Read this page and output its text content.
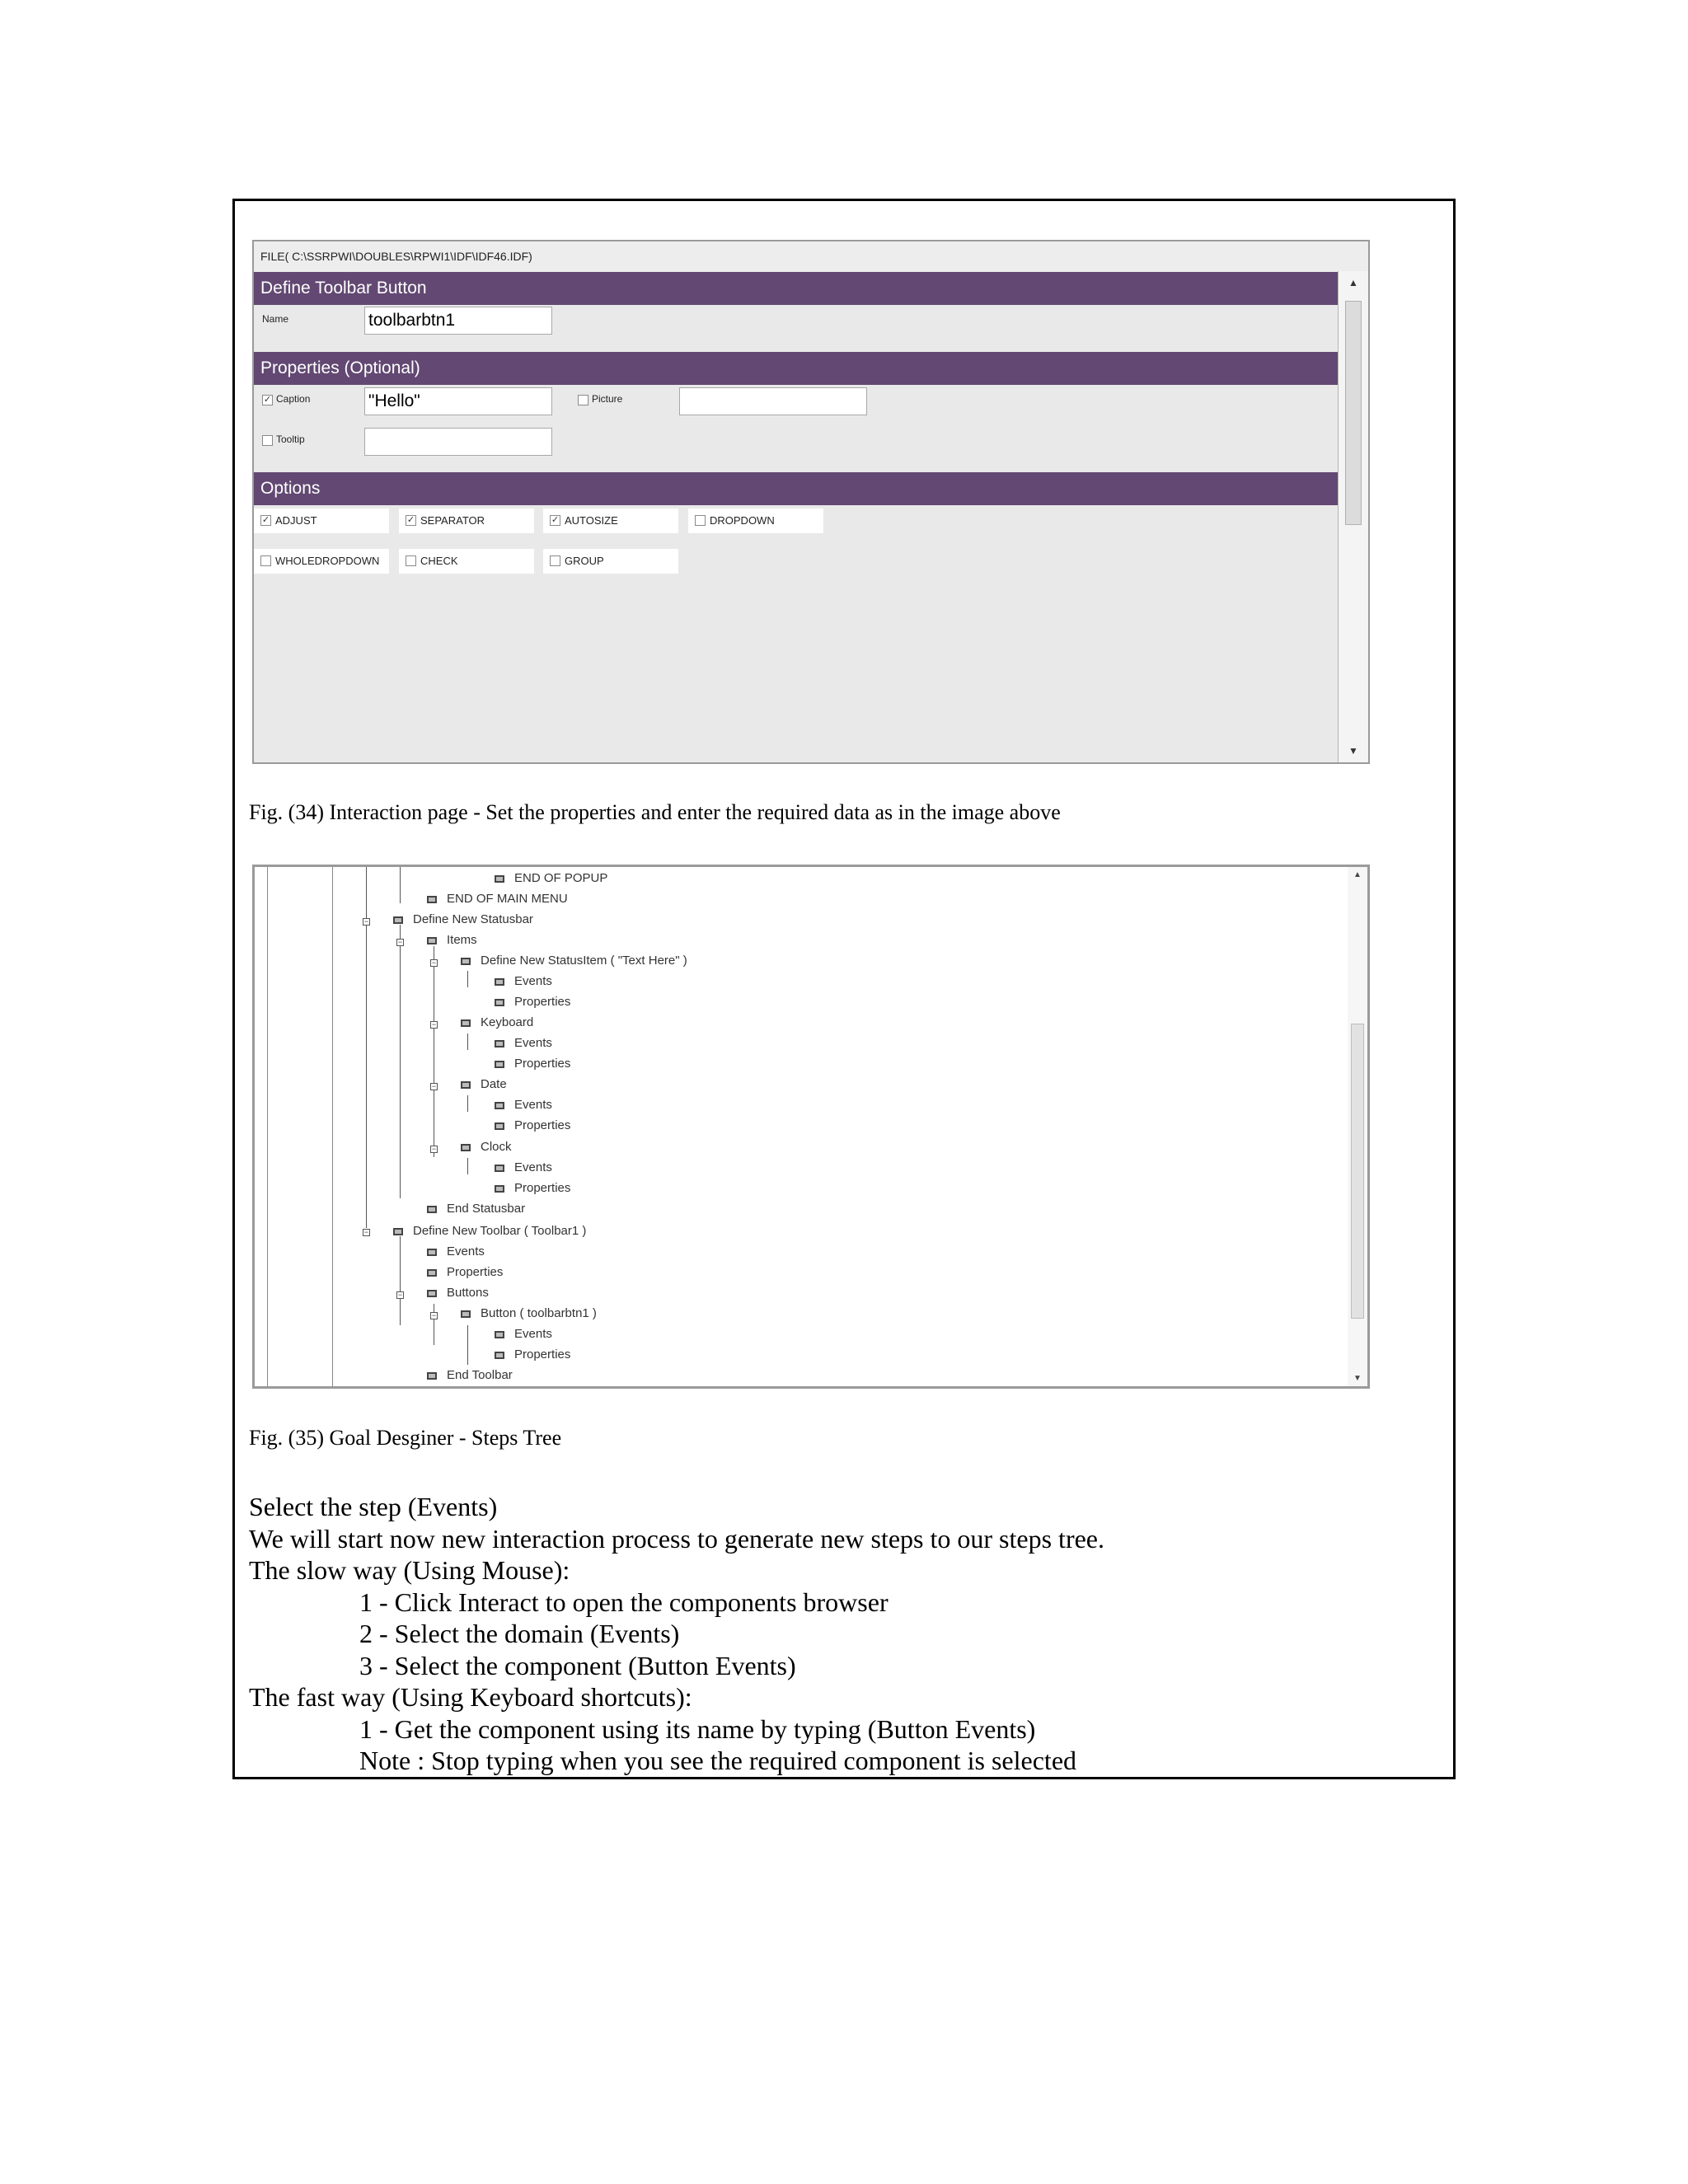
FILE( C:\SSRPWI\DOUBLES\RPWI1\IDF\IDF46.IDF)
Define Toolbar Button
Name	toolbarbtn1
Properties (Optional)
✓ Caption	"Hello"	Picture
Tooltip
Options
✓ ADJUST	✓ SEPARATOR	✓ AUTOSIZE	DROPDOWN
WHOLEDROPDOWN	CHECK	GROUP
▲
▼
Fig. (34) Interaction page - Set the properties and enter the required data as in the image above
−
−
−
−
−
−
−
−
−
END OF POPUP
END OF MAIN MENU
Define New Statusbar
Items
Define New StatusItem ( "Text Here" )
Events
Properties
Keyboard
Events
Properties
Date
Events
Properties
Clock
Events
Properties
End Statusbar
Define New Toolbar ( Toolbar1 )
Events
Properties
Buttons
Button ( toolbarbtn1 )
Events
Properties
End Toolbar
▲
▼
Fig. (35) Goal Desginer - Steps Tree
Select the step (Events)
We will start now new interaction process to generate new steps to our steps tree.
The slow way (Using Mouse):
1 - Click Interact to open the components browser
2 - Select the domain (Events)
3 - Select the component (Button Events)
The fast way (Using Keyboard shortcuts):
1 - Get the component using its name by typing (Button Events)
Note : Stop typing when you see the required component is selected
